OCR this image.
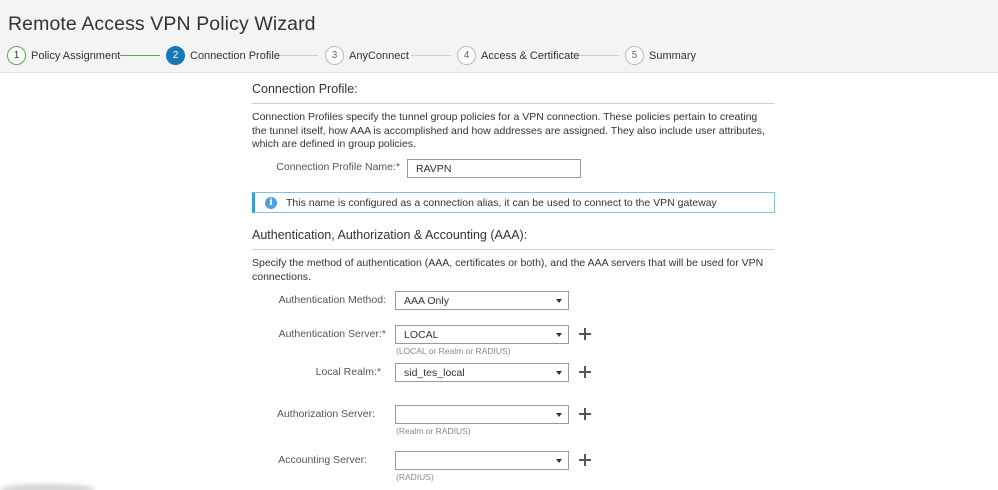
Remote Access VPN Policy Wizard
1	Policy Assignment	2	Connection Profile	3	AnyConnect	4	Access & Certificate	5	Summary
Connection Profile:
Connection Profiles specify the tunnel group policies for a VPN connection. These policies pertain to creating the tunnel itself, how AAA is accomplished and how addresses are assigned. They also include user attributes, which are defined in group policies.
Connection Profile Name:*
RAVPN
i	This name is configured as a connection alias, it can be used to connect to the VPN gateway
Authentication, Authorization & Accounting (AAA):
Specify the method of authentication (AAA, certificates or both), and the AAA servers that will be used for VPN connections.
Authentication Method:	AAA Only
Authentication Server:*	LOCAL
(LOCAL or Realm or RADIUS)
Local Realm:*	sid_tes_local
Authorization Server:
(Realm or RADIUS)
Accounting Server:
(RADIUS)
